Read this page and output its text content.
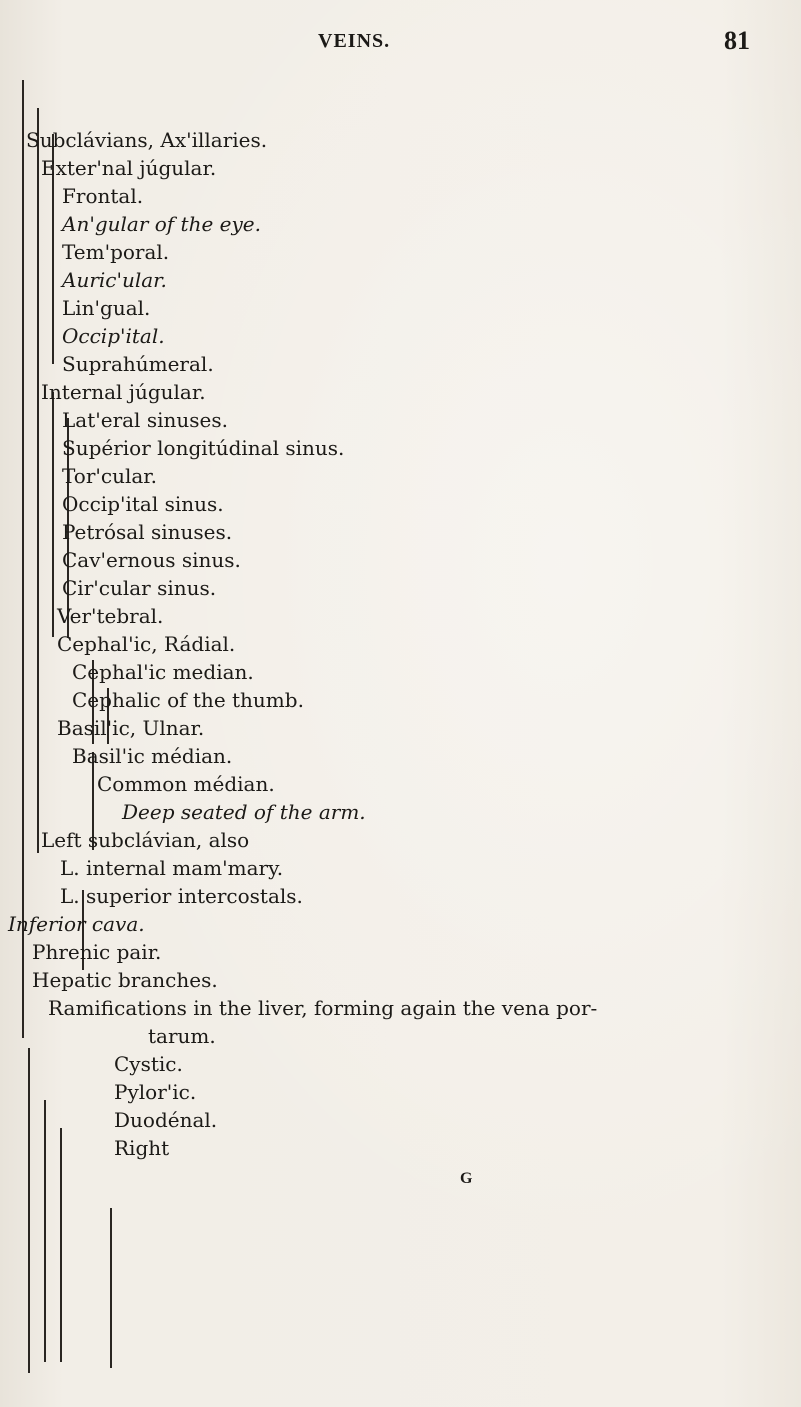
VEINS.	81
Subclávians, Ax'illaries.
Exter'nal júgular.
Frontal.
An'gular of the eye.
Tem'poral.
Auric'ular.
Lin'gual.
Occip'ital.
Suprahúmeral.
Internal júgular.
Lat'eral sinuses.
Supérior longitúdinal sinus.
Tor'cular.
Occip'ital sinus.
Petrósal sinuses.
Cav'ernous sinus.
Cir'cular sinus.
Ver'tebral.
Cephal'ic, Rádial.
Cephal'ic median.
Cephalic of the thumb.
Basil'ic, Ulnar.
Basil'ic médian.
Common médian.
Deep seated of the arm.
Left subclávian, also
L. internal mam'mary.
L. superior intercostals.
Inferior cava.
Phrenic pair.
Hepatic branches.
Ramifications in the liver, forming again the vena por-
tarum.
Cystic.
Pylor'ic.
Duodénal.
Right
G
